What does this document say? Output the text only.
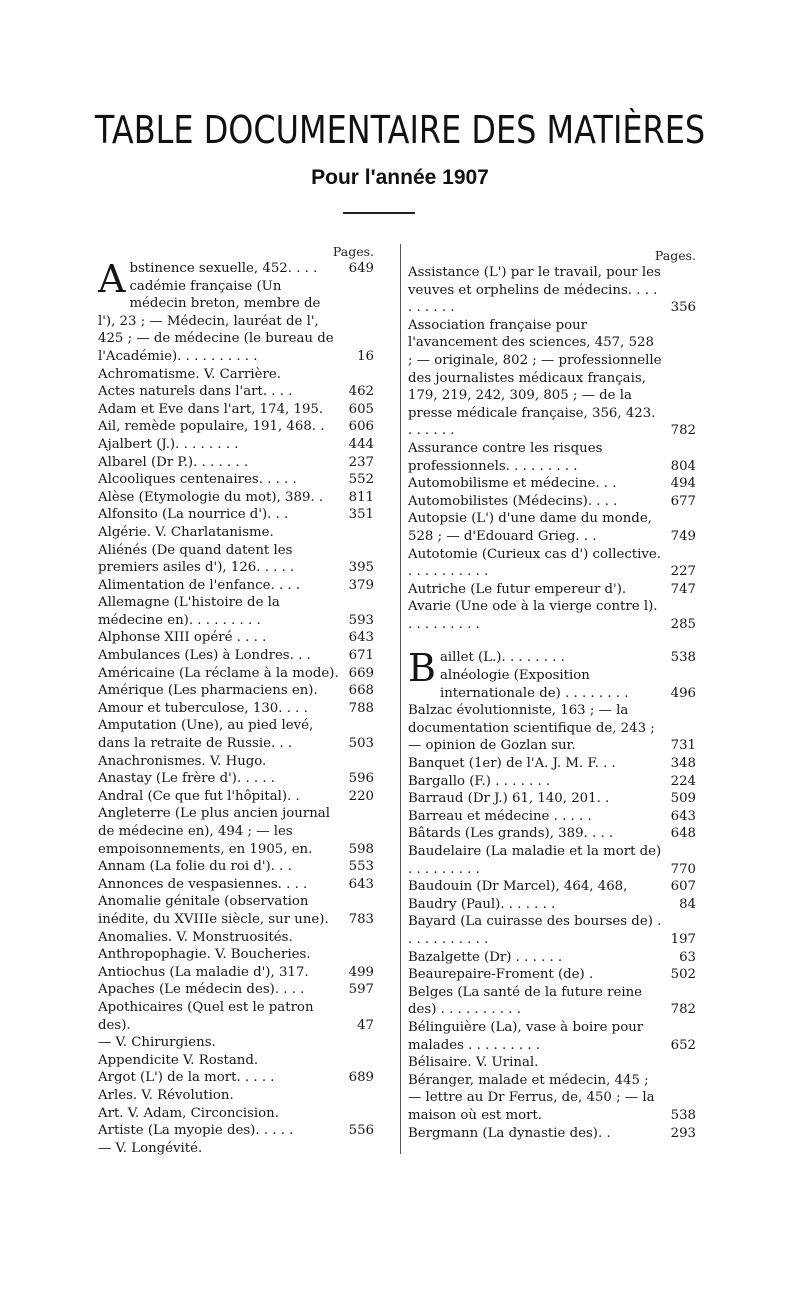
TABLE DOCUMENTAIRE DES MATIÈRES
Pour l'année 1907
Pages.
Abstinence sexuelle, 452. . . . 649
cadémie française (Un médecin breton, membre de l'), 23 ; — Médecin, lauréat de l', 425 ; — de médecine (le bureau de l'Académie). . . . . . . . . .	16
Achromatisme. V. Carrière.
Actes naturels dans l'art. . . .	462
Adam et Eve dans l'art, 174, 195.	605
Ail, remède populaire, 191, 468. .	606
Ajalbert (J.). . . . . . . .	444
Albarel (Dr P.). . . . . . .	237
Alcooliques centenaires. . . . .	552
Alèse (Etymologie du mot), 389. .	811
Alfonsito (La nourrice d'). . .	351
Algérie. V. Charlatanisme.
Aliénés (De quand datent les premiers asiles d'), 126. . . . .	395
Alimentation de l'enfance. . . .	379
Allemagne (L'histoire de la médecine en). . . . . . . . .	593
Alphonse XIII opéré . . . .	643
Ambulances (Les) à Londres. . .	671
Américaine (La réclame à la mode). 669
Amérique (Les pharmaciens en).	668
Amour et tuberculose, 130. . . .	788
Amputation (Une), au pied levé, dans la retraite de Russie. . .	503
Anachronismes. V. Hugo.
Anastay (Le frère d'). . . . .	596
Andral (Ce que fut l'hôpital). .	220
Angleterre (Le plus ancien journal de médecine en), 494 ; — les empoisonnements, en 1905, en.	598
Annam (La folie du roi d'). . .	553
Annonces de vespasiennes. . . .	643
Anomalie génitale (observation inédite, du XVIIIe siècle, sur une).	783
Anomalies. V. Monstruosités.
Anthropophagie. V. Boucheries.
Antiochus (La maladie d'), 317.	499
Apaches (Le médecin des). . . .	597
Apothicaires (Quel est le patron des).	47
— V. Chirurgiens.
Appendicite V. Rostand.
Argot (L') de la mort. . . . .	689
Arles. V. Révolution.
Art. V. Adam, Circoncision.
Artiste (La myopie des). . . . .	556
— V. Longévité.
Pages.
Assistance (L') par le travail, pour les veuves et orphelins de médecins. . . . . . . . . .	356
Association française pour l'avancement des sciences, 457, 528 ; — originale, 802 ; — professionnelle des journalistes médicaux français, 179, 219, 242, 309, 805 ; — de la presse médicale française, 356, 423. . . . . . .	782
Assurance contre les risques professionnels. . . . . . . . .	804
Automobilisme et médecine. . .	494
Automobilistes (Médecins). . . .	677
Autopsie (L') d'une dame du monde, 528 ; — d'Edouard Grieg. . .	749
Autotomie (Curieux cas d') collective. . . . . . . . . . .	227
Autriche (Le futur empereur d').	747
Avarie (Une ode à la vierge contre l). . . . . . . . . .	285
Baillet (L.). . . . . . . .	538
alnéologie (Exposition internationale de) . . . . . . . .	496
Balzac évolutionniste, 163 ; — la documentation scientifique de, 243 ; — opinion de Gozlan sur.	731
Banquet (1er) de l'A. J. M. F. . .	348
Bargallo (F.) . . . . . . .	224
Barraud (Dr J.) 61, 140, 201. .	509
Barreau et médecine . . . . .	643
Bâtards (Les grands), 389. . . .	648
Baudelaire (La maladie et la mort de) . . . . . . . . .	770
Baudouin (Dr Marcel), 464, 468,	607
Baudry (Paul). . . . . . .	84
Bayard (La cuirasse des bourses de) . . . . . . . . . . .	197
Bazalgette (Dr) . . . . . .	63
Beaurepaire-Froment (de) .	502
Belges (La santé de la future reine des) . . . . . . . . . .	782
Bélinguière (La), vase à boire pour malades . . . . . . . . .	652
Bélisaire. V. Urinal.
Béranger, malade et médecin, 445 ; — lettre au Dr Ferrus, de, 450 ; — la maison où est mort.	538
Bergmann (La dynastie des). .	293
